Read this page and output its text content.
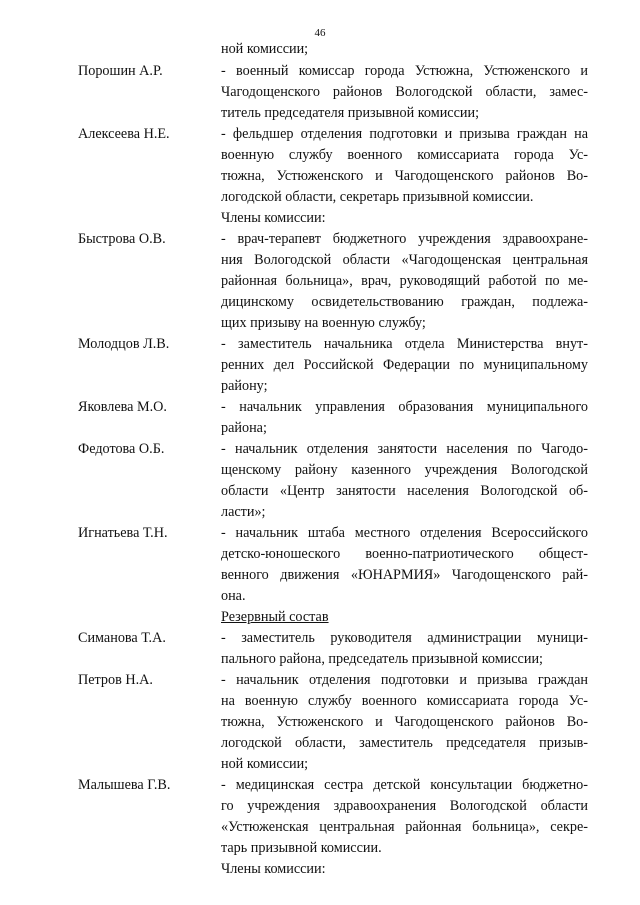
46
Порошин А.Р.
Алексеева Н.Е.
Быстрова О.В.
Молодцов Л.В.
Яковлева М.О.
Федотова О.Б.
Игнатьева Т.Н.
Симанова Т.А.
Петров Н.А.
Малышева Г.В.
ной комиссии;
- военный комиссар города Устюжна, Устюженского и
Чагодощенского районов Вологодской области, замес-
титель председателя призывной комиссии;
- фельдшер отделения подготовки и призыва граждан на
военную службу военного комиссариата города Ус-
тюжна, Устюженского и Чагодощенского районов Во-
логодской области, секретарь призывной комиссии.
Члены комиссии:
- врач-терапевт бюджетного учреждения здравоохране-
ния Вологодской области «Чагодощенская центральная
районная больница», врач, руководящий работой по ме-
дицинскому освидетельствованию граждан, подлежа-
щих призыву на военную службу;
- заместитель начальника отдела Министерства внут-
ренних дел Российской Федерации по муниципальному
району;
- начальник управления образования муниципального
района;
- начальник отделения занятости населения по Чагодо-
щенскому району казенного учреждения Вологодской
области «Центр занятости населения Вологодской об-
ласти»;
- начальник штаба местного отделения Всероссийского
детско-юношеского военно-патриотического общест-
венного движения «ЮНАРМИЯ» Чагодощенского рай-
она.
Резервный состав
- заместитель руководителя администрации муници-
пального района, председатель призывной комиссии;
- начальник отделения подготовки и призыва граждан
на военную службу военного комиссариата города Ус-
тюжна, Устюженского и Чагодощенского районов Во-
логодской области, заместитель председателя призыв-
ной комиссии;
- медицинская сестра детской консультации бюджетно-
го учреждения здравоохранения Вологодской области
«Устюженская центральная районная больница», секре-
тарь призывной комиссии.
Члены комиссии:
